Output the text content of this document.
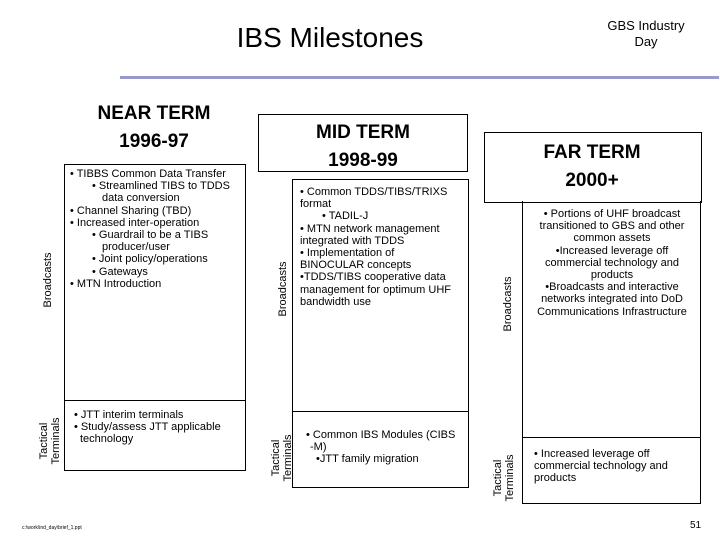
IBS Milestones	GBS Industry
Day
NEAR TERM
1996-97
Broadcasts
Tactical Terminals
• TIBBS Common Data Transfer
• Streamlined TIBS to TDDS
data conversion
• Channel Sharing (TBD)
• Increased inter-operation
• Guardrail to be a TIBS
producer/user
• Joint policy/operations
• Gateways
• MTN Introduction
• JTT interim terminals
• Study/assess JTT applicable
technology
MID TERM
1998-99
Broadcasts
Tactical Terminals
• Common TDDS/TIBS/TRIXS
format
• TADIL-J
• MTN network management
integrated with TDDS
• Implementation of
BINOCULAR concepts
•TDDS/TIBS cooperative data
management for optimum UHF
bandwidth use
• Common IBS Modules (CIBS
-M)
•JTT family migration
FAR TERM
2000+
Broadcasts
Tactical Terminals
• Portions of UHF broadcast
transitioned to GBS and other
common assets
•Increased leverage off
commercial technology and
products
•Broadcasts and interactive
networks integrated into DoD
Communications Infrastructure
• Increased leverage off
commercial technology and
products
c:\work\ind_day\brief_1.ppt	51
